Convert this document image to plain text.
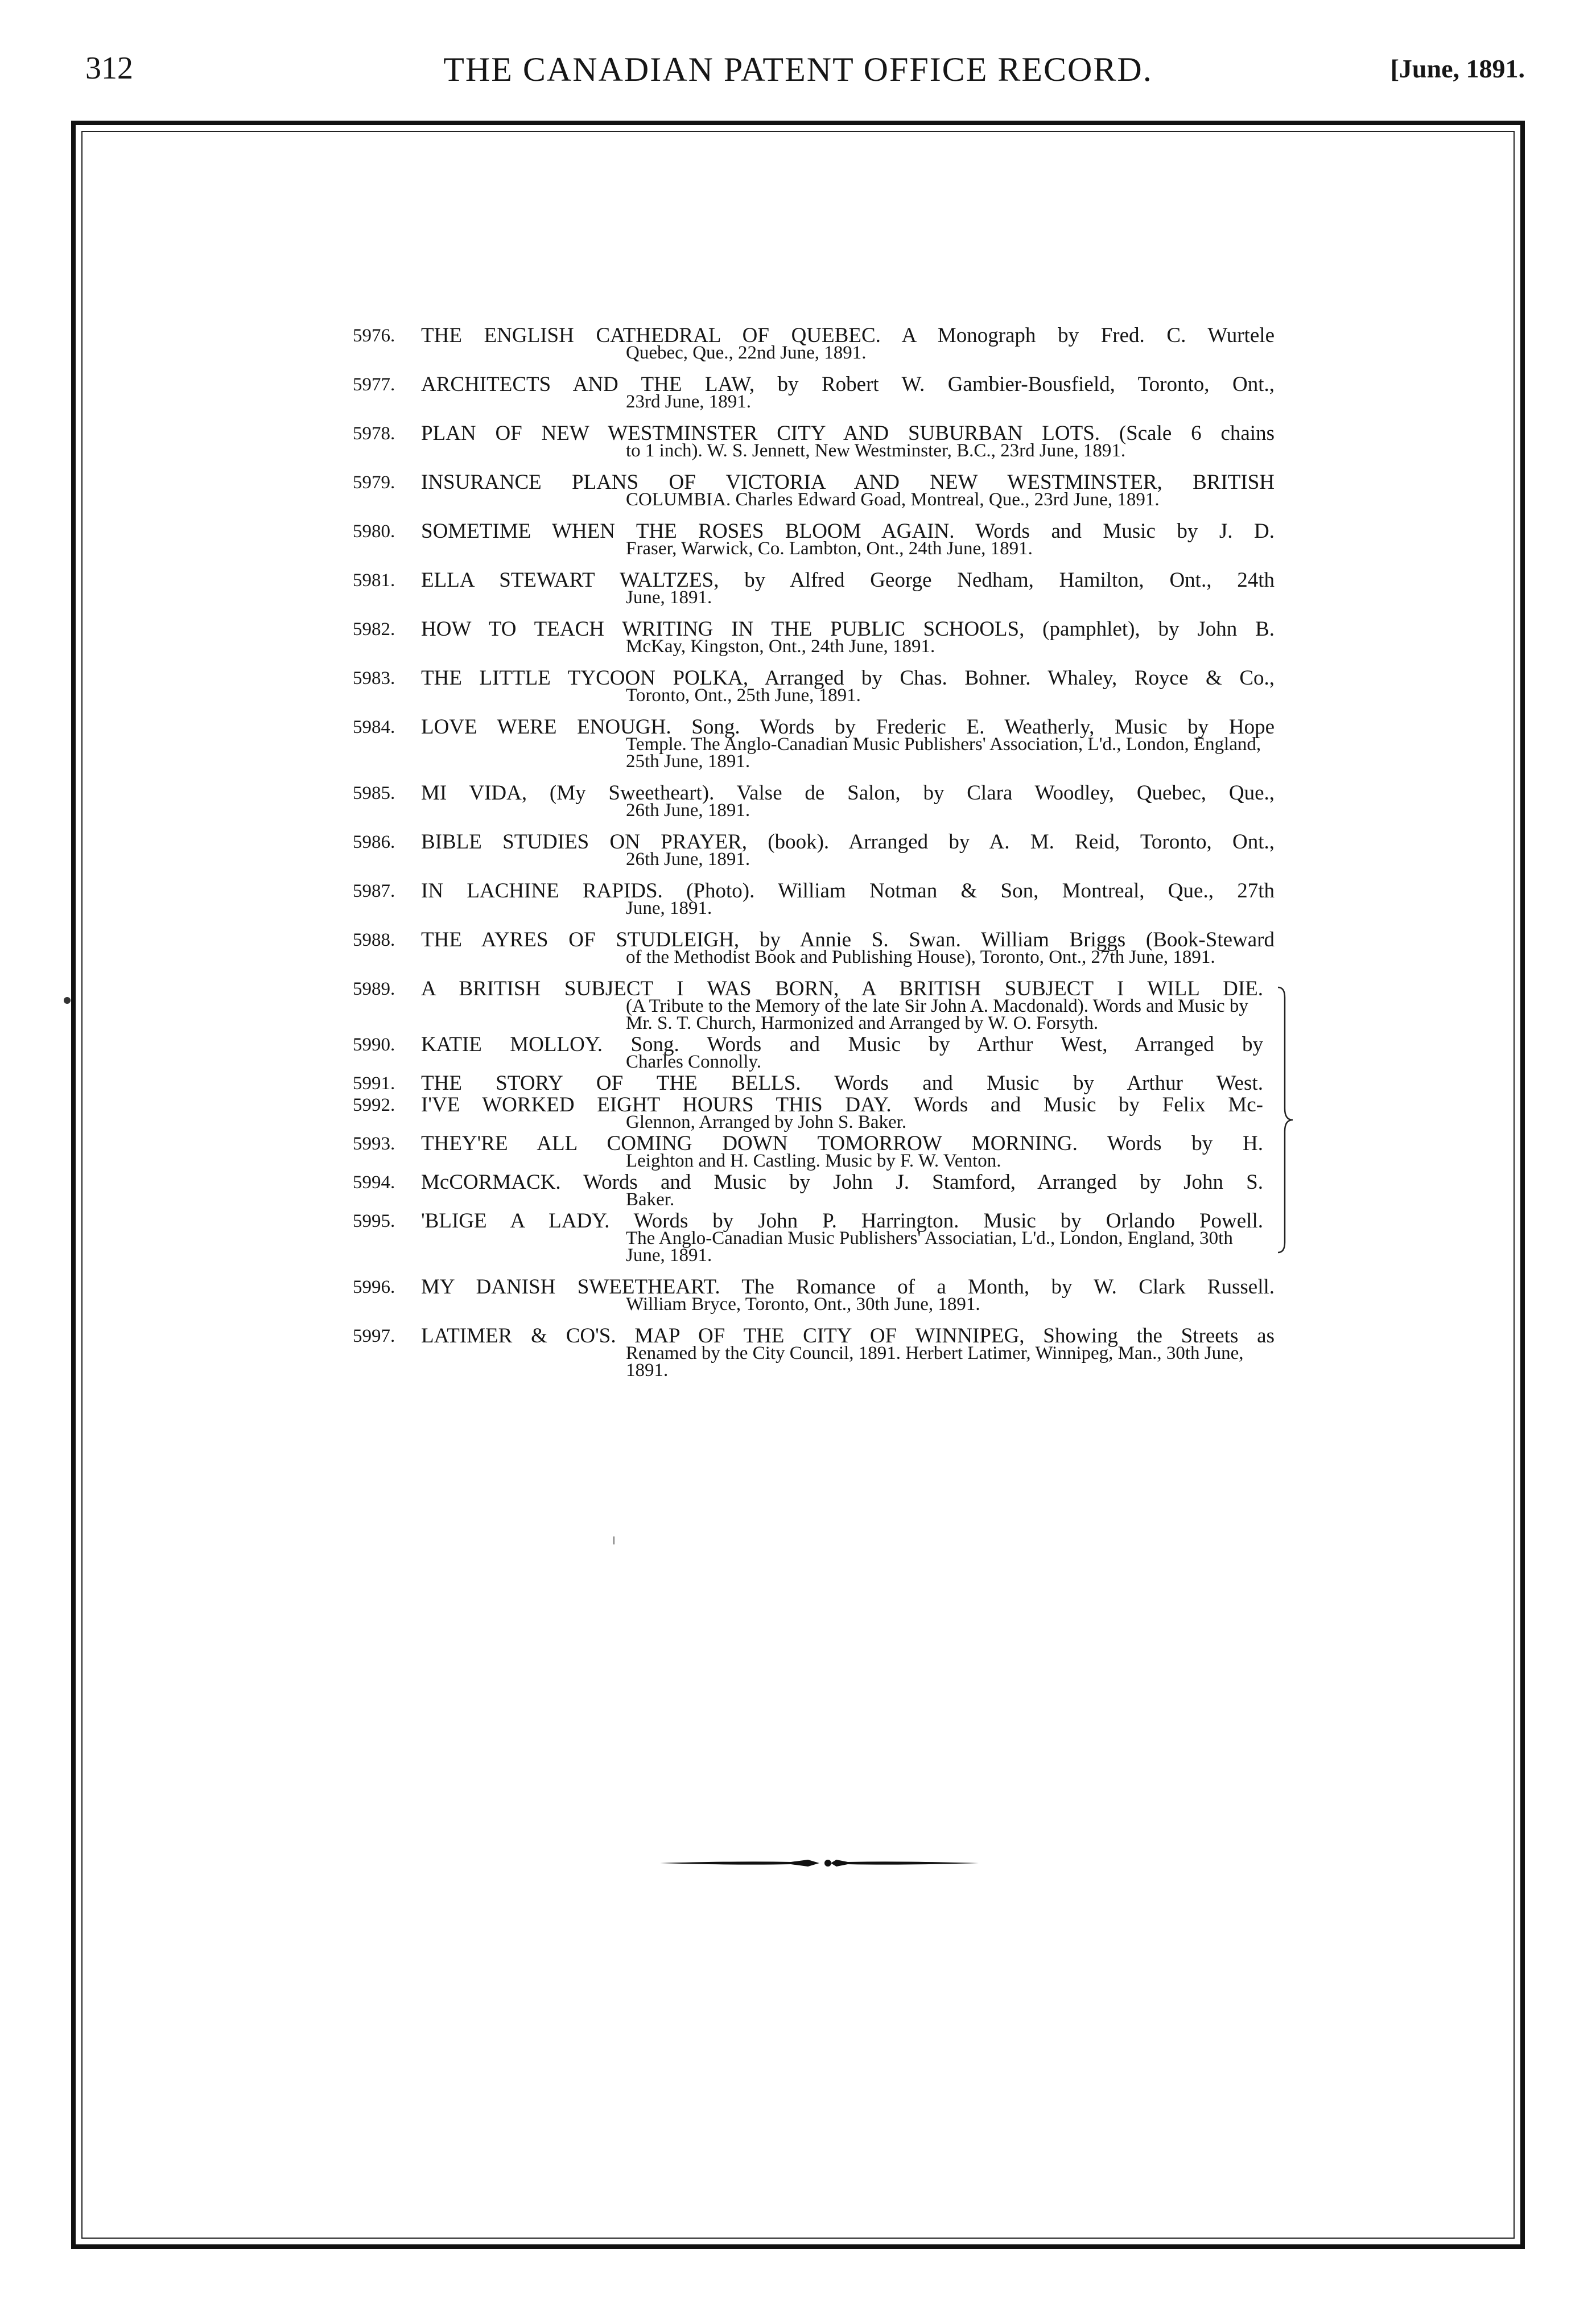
312	THE CANADIAN PATENT OFFICE RECORD.	[June, 1891.
5976.	THE ENGLISH CATHEDRAL OF QUEBEC. A Monograph by Fred. C. Wurtele
Quebec, Que., 22nd June, 1891.
5977.	ARCHITECTS AND THE LAW, by Robert W. Gambier-Bousfield, Toronto, Ont.,
23rd June, 1891.
5978.	PLAN OF NEW WESTMINSTER CITY AND SUBURBAN LOTS. (Scale 6 chains
to 1 inch). W. S. Jennett, New Westminster, B.C., 23rd June, 1891.
5979.	INSURANCE PLANS OF VICTORIA AND NEW WESTMINSTER, BRITISH
COLUMBIA. Charles Edward Goad, Montreal, Que., 23rd June, 1891.
5980.	SOMETIME WHEN THE ROSES BLOOM AGAIN. Words and Music by J. D.
Fraser, Warwick, Co. Lambton, Ont., 24th June, 1891.
5981.	ELLA STEWART WALTZES, by Alfred George Nedham, Hamilton, Ont., 24th
June, 1891.
5982.	HOW TO TEACH WRITING IN THE PUBLIC SCHOOLS, (pamphlet), by John B.
McKay, Kingston, Ont., 24th June, 1891.
5983.	THE LITTLE TYCOON POLKA, Arranged by Chas. Bohner. Whaley, Royce & Co.,
Toronto, Ont., 25th June, 1891.
5984.	LOVE WERE ENOUGH. Song. Words by Frederic E. Weatherly, Music by Hope
Temple. The Anglo-Canadian Music Publishers' Association, L'd., London, England, 25th June, 1891.
5985.	MI VIDA, (My Sweetheart). Valse de Salon, by Clara Woodley, Quebec, Que.,
26th June, 1891.
5986.	BIBLE STUDIES ON PRAYER, (book). Arranged by A. M. Reid, Toronto, Ont.,
26th June, 1891.
5987.	IN LACHINE RAPIDS. (Photo). William Notman & Son, Montreal, Que., 27th
June, 1891.
5988.	THE AYRES OF STUDLEIGH, by Annie S. Swan. William Briggs (Book-Steward
of the Methodist Book and Publishing House), Toronto, Ont., 27th June, 1891.
5989.	A BRITISH SUBJECT I WAS BORN, A BRITISH SUBJECT I WILL DIE.
(A Tribute to the Memory of the late Sir John A. Macdonald). Words and Music by Mr. S. T. Church, Harmonized and Arranged by W. O. Forsyth.
5990.	KATIE MOLLOY. Song. Words and Music by Arthur West, Arranged by
Charles Connolly.
5991.	THE STORY OF THE BELLS. Words and Music by Arthur West.
5992.	I'VE WORKED EIGHT HOURS THIS DAY. Words and Music by Felix Mc-
Glennon, Arranged by John S. Baker.
5993.	THEY'RE ALL COMING DOWN TOMORROW MORNING. Words by H.
Leighton and H. Castling. Music by F. W. Venton.
5994.	McCORMACK. Words and Music by John J. Stamford, Arranged by John S.
Baker.
5995.	'BLIGE A LADY. Words by John P. Harrington. Music by Orlando Powell.
The Anglo-Canadian Music Publishers' Associatian, L'd., London, England, 30th June, 1891.
5996.	MY DANISH SWEETHEART. The Romance of a Month, by W. Clark Russell.
William Bryce, Toronto, Ont., 30th June, 1891.
5997.	LATIMER & CO'S. MAP OF THE CITY OF WINNIPEG, Showing the Streets as
Renamed by the City Council, 1891. Herbert Latimer, Winnipeg, Man., 30th June, 1891.
